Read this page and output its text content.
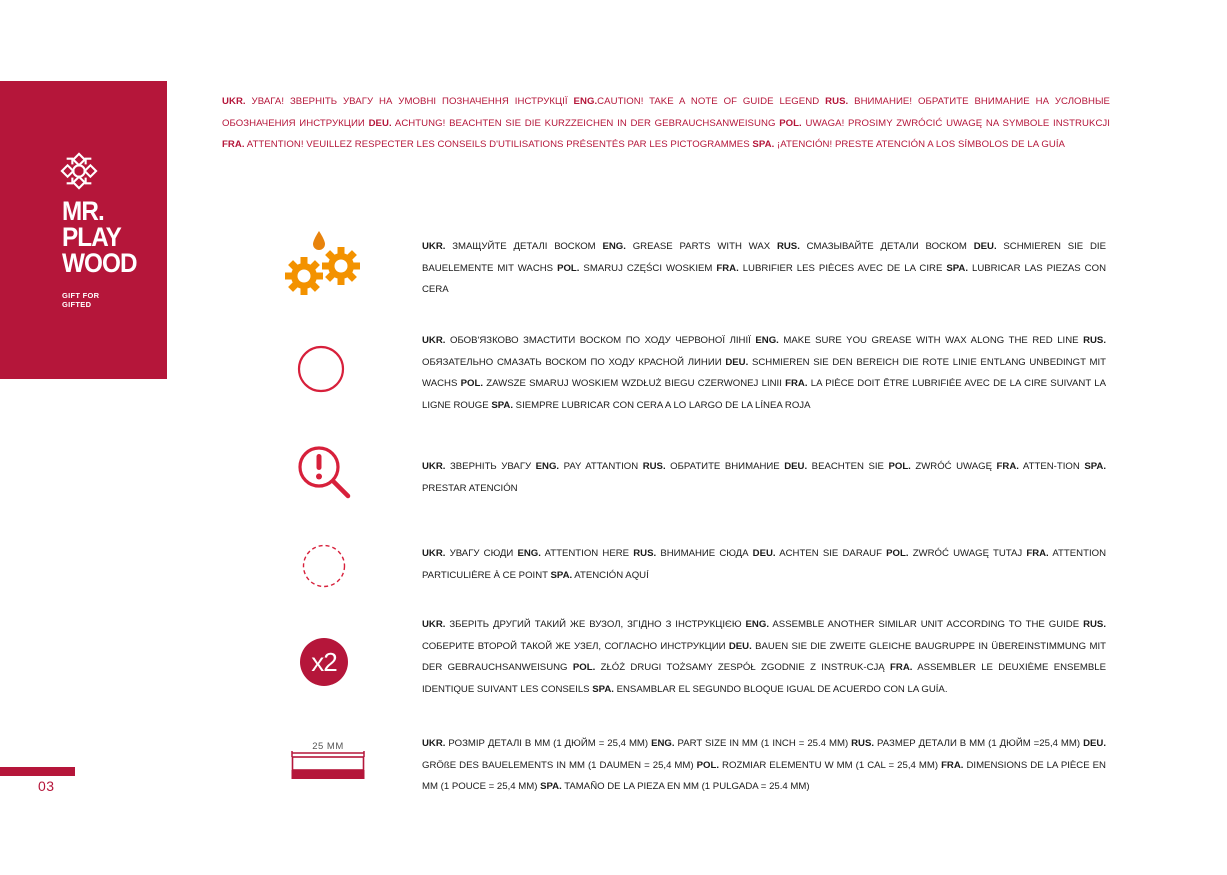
MR.
PLAY
WOOD
GIFT FOR
GIFTED

UKR. УВАГА! ЗВЕРНІТЬ УВАГУ НА УМОВНІ ПОЗНАЧЕННЯ ІНСТРУКЦІЇ ENG.CAUTION! TAKE A NOTE OF GUIDE LEGEND RUS. ВНИМАНИЕ! ОБРАТИТЕ ВНИМАНИЕ НА УСЛОВНЫЕ ОБОЗНАЧЕНИЯ ИНСТРУКЦИИ DEU. ACHTUNG! BEACHTEN SIE DIE KURZZEICHEN IN DER GEBRAUCHSANWEISUNG POL. UWAGA! PROSIMY ZWRÓCIĆ UWAGĘ NA SYMBOLE INSTRUKCJI FRA. ATTENTION! VEUILLEZ RESPECTER LES CONSEILS D'UTILISATIONS PRÉSENTÉS PAR LES PICTOGRAMMES SPA. ¡ATENCIÓN! PRESTE ATENCIÓN A LOS SÍMBOLOS DE LA GUÍA

UKR. ЗМАЩУЙТЕ ДЕТАЛІ ВОСКОМ ENG. GREASE PARTS WITH WAX RUS. СМАЗЫВАЙТЕ ДЕТАЛИ ВОСКОМ DEU. SCHMIEREN SIE DIE BAUELEMENTE MIT WACHS POL. SMARUJ CZĘŚCI WOSKIEM FRA. LUBRIFIER LES PIÈCES AVEC DE LA CIRE SPA. LUBRICAR LAS PIEZAS CON CERA

UKR. ОБОВ'ЯЗКОВО ЗМАСТИТИ ВОСКОМ ПО ХОДУ ЧЕРВОНОЇ ЛІНІЇ ENG. MAKE SURE YOU GREASE WITH WAX ALONG THE RED LINE RUS. ОБЯЗАТЕЛЬНО СМАЗАТЬ ВОСКОМ ПО ХОДУ КРАСНОЙ ЛИНИИ DEU. SCHMIEREN SIE DEN BEREICH DIE ROTE LINIE ENTLANG UNBEDINGT MIT WACHS POL. ZAWSZE SMARUJ WOSKIEM WZDŁUŻ BIEGU CZERWONEJ LINII FRA. LA PIÈCE DOIT ÊTRE LUBRIFIÉE AVEC DE LA CIRE SUIVANT LA LIGNE ROUGE SPA. SIEMPRE LUBRICAR CON CERA A LO LARGO DE LA LÍNEA ROJA

UKR. ЗВЕРНІТЬ УВАГУ ENG. PAY ATTANTION RUS. ОБРАТИТЕ ВНИМАНИЕ DEU. BEACHTEN SIE POL. ZWRÓĆ UWAGĘ FRA. ATTEN-TION SPA. PRESTAR ATENCIÓN

UKR. УВАГУ СЮДИ ENG. ATTENTION HERE RUS. ВНИМАНИЕ СЮДА DEU. ACHTEN SIE DARAUF POL. ZWRÓĆ UWAGĘ TUTAJ FRA. ATTENTION PARTICULIÈRE À CE POINT SPA. ATENCIÓN AQUÍ

x2

UKR. ЗБЕРІТЬ ДРУГИЙ ТАКИЙ ЖЕ ВУЗОЛ, ЗГІДНО З ІНСТРУКЦІЄЮ ENG. ASSEMBLE ANOTHER SIMILAR UNIT ACCORDING TO THE GUIDE RUS. СОБЕРИТЕ ВТОРОЙ ТАКОЙ ЖЕ УЗЕЛ, СОГЛАСНО ИНСТРУКЦИИ DEU. BAUEN SIE DIE ZWEITE GLEICHE BAUGRUPPE IN ÜBEREINSTIMMUNG MIT DER GEBRAUCHSANWEISUNG POL. ZŁÓŻ DRUGI TOŻSAMY ZESPÓŁ ZGODNIE Z INSTRUK-CJĄ FRA. ASSEMBLER LE DEUXIÈME ENSEMBLE IDENTIQUE SUIVANT LES CONSEILS SPA. ENSAMBLAR EL SEGUNDO BLOQUE IGUAL DE ACUERDO CON LA GUÍA.

25 MM	UKR. РОЗМІР ДЕТАЛІ В ММ (1 ДЮЙМ = 25,4 ММ) ENG. PART SIZE IN MM (1 INCH = 25.4 MM) RUS. РАЗМЕР ДЕТАЛИ В ММ (1 ДЮЙМ =25,4 ММ) DEU. GRÖßE DES BAUELEMENTS IN MM (1 DAUMEN = 25,4 MM) POL. ROZMIAR ELEMENTU W MM (1 CAL = 25,4 MM) FRA. DIMENSIONS DE LA PIÈCE EN MM (1 POUCE = 25,4 MM) SPA. TAMAÑO DE LA PIEZA EN MM (1 PULGADA = 25.4 MM)

03
